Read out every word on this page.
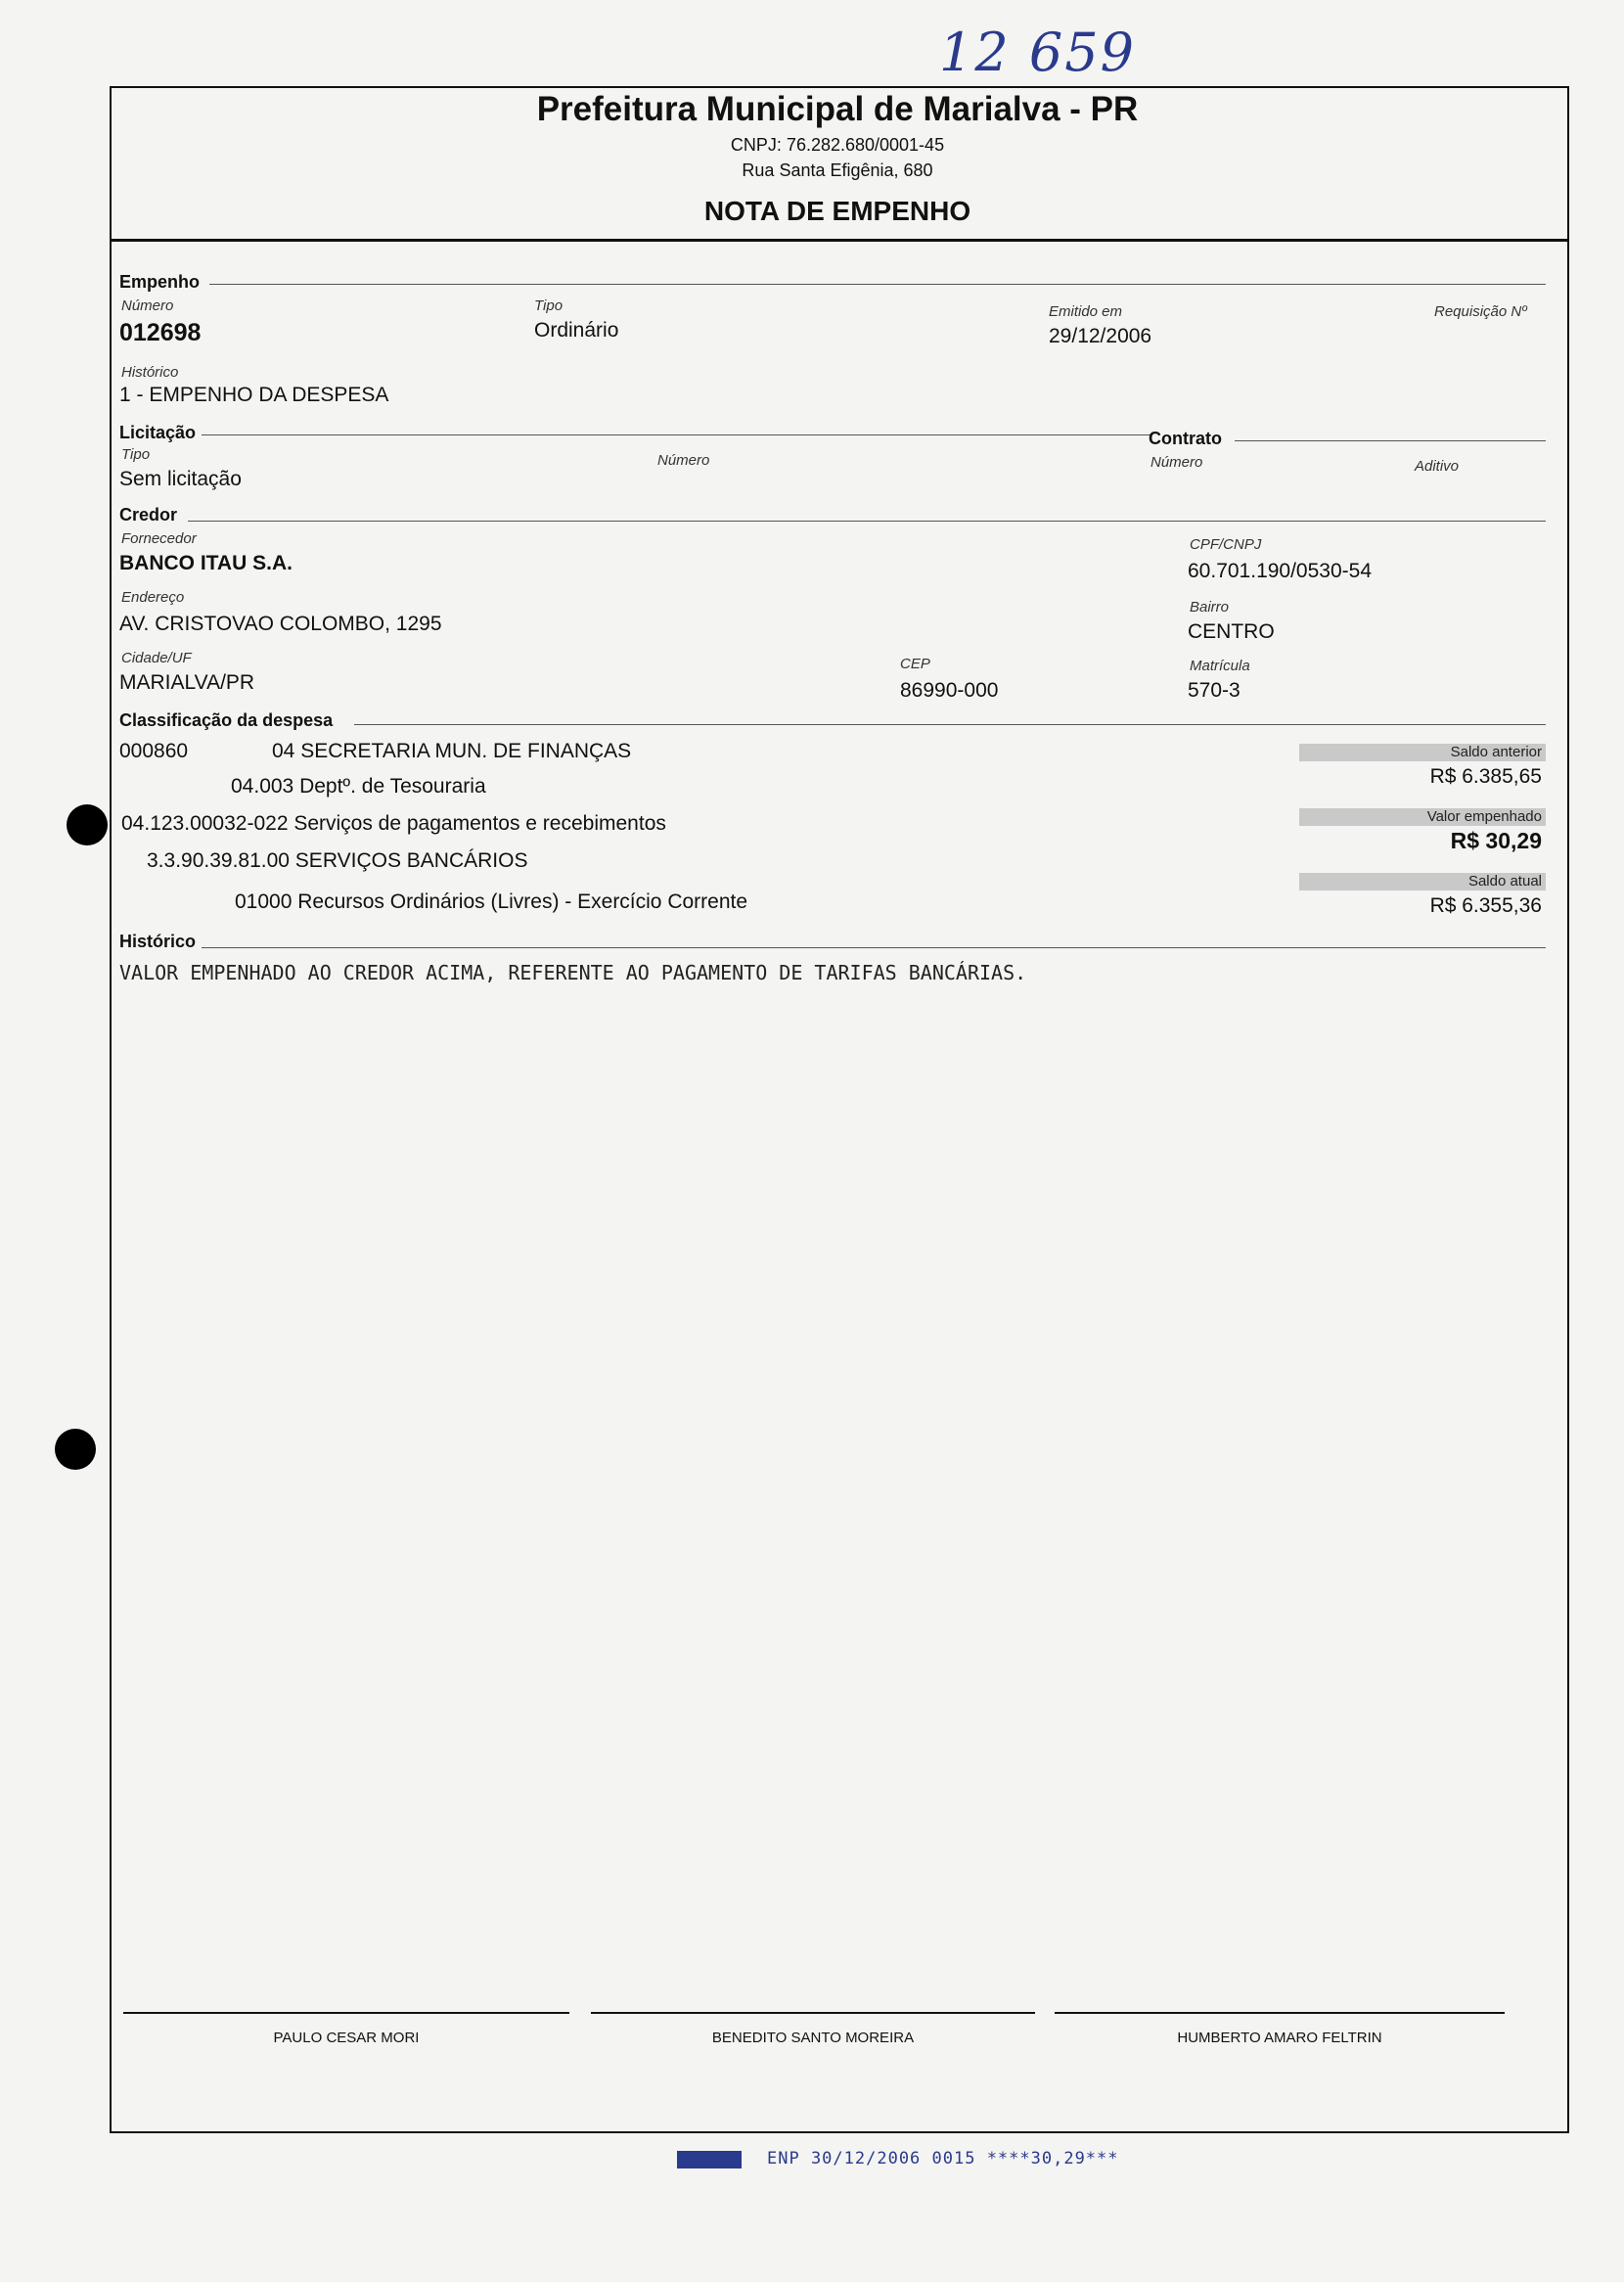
12 659
Prefeitura Municipal de Marialva - PR
CNPJ: 76.282.680/0001-45
Rua Santa Efigênia, 680
NOTA DE EMPENHO
Empenho
Número
012698
Tipo
Ordinário
Emitido em
29/12/2006
Requisição Nº
Histórico
1 - EMPENHO DA DESPESA
Licitação	Contrato
Tipo
Sem licitação
Número	Número	Aditivo
Credor
Fornecedor
BANCO ITAU S.A.
CPF/CNPJ
60.701.190/0530-54
Endereço
AV. CRISTOVAO COLOMBO, 1295
Bairro
CENTRO
Cidade/UF
MARIALVA/PR
CEP
86990-000
Matrícula
570-3
Classificação da despesa
000860	04 SECRETARIA MUN. DE FINANÇAS
04.003 Deptº. de Tesouraria
04.123.00032-022 Serviços de pagamentos e recebimentos
3.3.90.39.81.00 SERVIÇOS BANCÁRIOS
01000 Recursos Ordinários (Livres) - Exercício Corrente
Saldo anterior
R$ 6.385,65
Valor empenhado
R$ 30,29
Saldo atual
R$ 6.355,36
Histórico
VALOR EMPENHADO AO CREDOR ACIMA, REFERENTE AO PAGAMENTO DE TARIFAS BANCÁRIAS.
PAULO CESAR MORI	BENEDITO SANTO MOREIRA	HUMBERTO AMARO FELTRIN
ENP 30/12/2006 0015 ****30,29***
